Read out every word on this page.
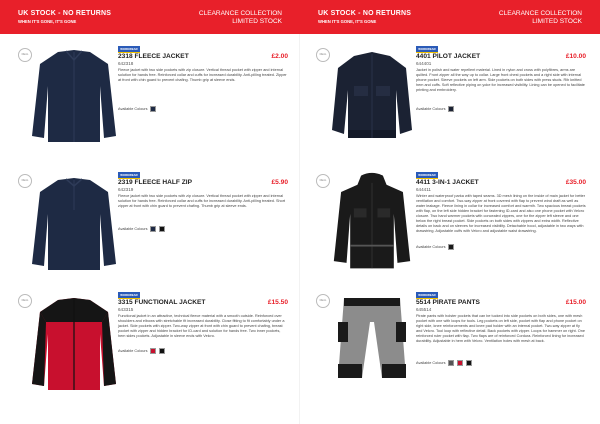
UK STOCK - NO RETURNS
WHEN IT'S GONE, IT'S GONE
CLEARANCE COLLECTION
LIMITED STOCK
UK STOCK - NO RETURNS
WHEN IT'S GONE, IT'S GONE
CLEARANCE COLLECTION
LIMITED STOCK
DEAL
WORKWEAR
2318 FLEECE JACKET
642318
£2.00
Fleece jacket with two side pockets with zip closure. Vertical thread pocket with zipper and internal solution for hands free. Reinforced collar and cuffs for increased durability. Anti-pilling treated. Zipper at front with chin guard to prevent chafing. Thumb grip at sleeve ends.
Available Colours
DEAL
WORKWEAR
4401 PILOT JACKET
644401
£10.00
Jacket in polish and water repellent material. Lined in nylon and cross with polyfibres, arms are quilted. Front zipper all the way up to collar. Large front chest pockets and a right side with internal phone pocket. Sleeve pockets on left arm. Side pockets on both sides with press studs. Rib knitted hem and cuffs. Soft reflective piping on yoke for increased visibility. Lining can be opened to facilitate printing and embroidery.
Available Colours
DEAL
WORKWEAR
2319 FLEECE HALF ZIP
642319
£5.90
Fleece jacket with two side pockets with zip closure. Vertical thread pocket with zipper and internal solution for hands free. Reinforced collar and cuffs for increased durability. Anti-pilling treated. Short zipper at front with chin guard to prevent chafing. Thumb grip at sleeve ends.
Available Colours
DEAL
WORKWEAR
4411 3-IN-1 JACKET
644411
£35.00
Winter and waterproof parka with taped seams. 3D mesh lining on the inside of main jacket for better ventilation and comfort. Two-way zipper at front covered with flap to prevent wind draft as well as water leakage. Fleece lining in collar for increased comfort and warmth. Two spacious breast pockets with flap, on the left side hidden bracket for fastening ID-card and also one phone pocket with Velcro closure. Two hand warmer pockets with concealed zippers, one for the zipper left sleeve and one below the right breast pocket. Side pockets on both sides with zippers and extra width. Reflective details on back and on sleeves for increased visibility. Detachable hood, adjustable in two ways with drawstring. Adjustable cuffs with Velcro and adjustable waist drawstring.
Available Colours
DEAL
WORKWEAR
3315 FUNCTIONAL JACKET
643315
£15.50
Functional jacket in an attractive, technical fleece material with a smooth outside. Reinforced over shoulders and elbows with stretchable fit increased durability. Close fitting to fit comfortably under a jacket. Side pockets with zipper. Two-way zipper at front with chin guard to prevent chafing, breast pocket with zipper and hidden bracket for ID-card and solution for hands free. Two inner pockets, hem sides pockets. Adjustable in sleeve ends with Velcro.
Available Colours
DEAL
WORKWEAR
5514 PIRATE PANTS
645514
£15.00
Pirate pants with holster pockets that can be tucked into side pockets on both sides, one with mesh pocket with one with loops for tools. Leg pockets on left side, pocket with flap and phone pocket on right side, knee reinforcements and knee pad holder with an internal pocket. Two-way zipper at fly and Velcro. Tool loop with reflective detail. Back pockets with zipper. Loops for hammer on right. One reinforced ruler pocket with flap. Two flaps are of reinforced Cordura. Reinforced lining for increased durability. Adjustable in hem with Velcro. Ventilation holes with mesh at back.
Available Colours
